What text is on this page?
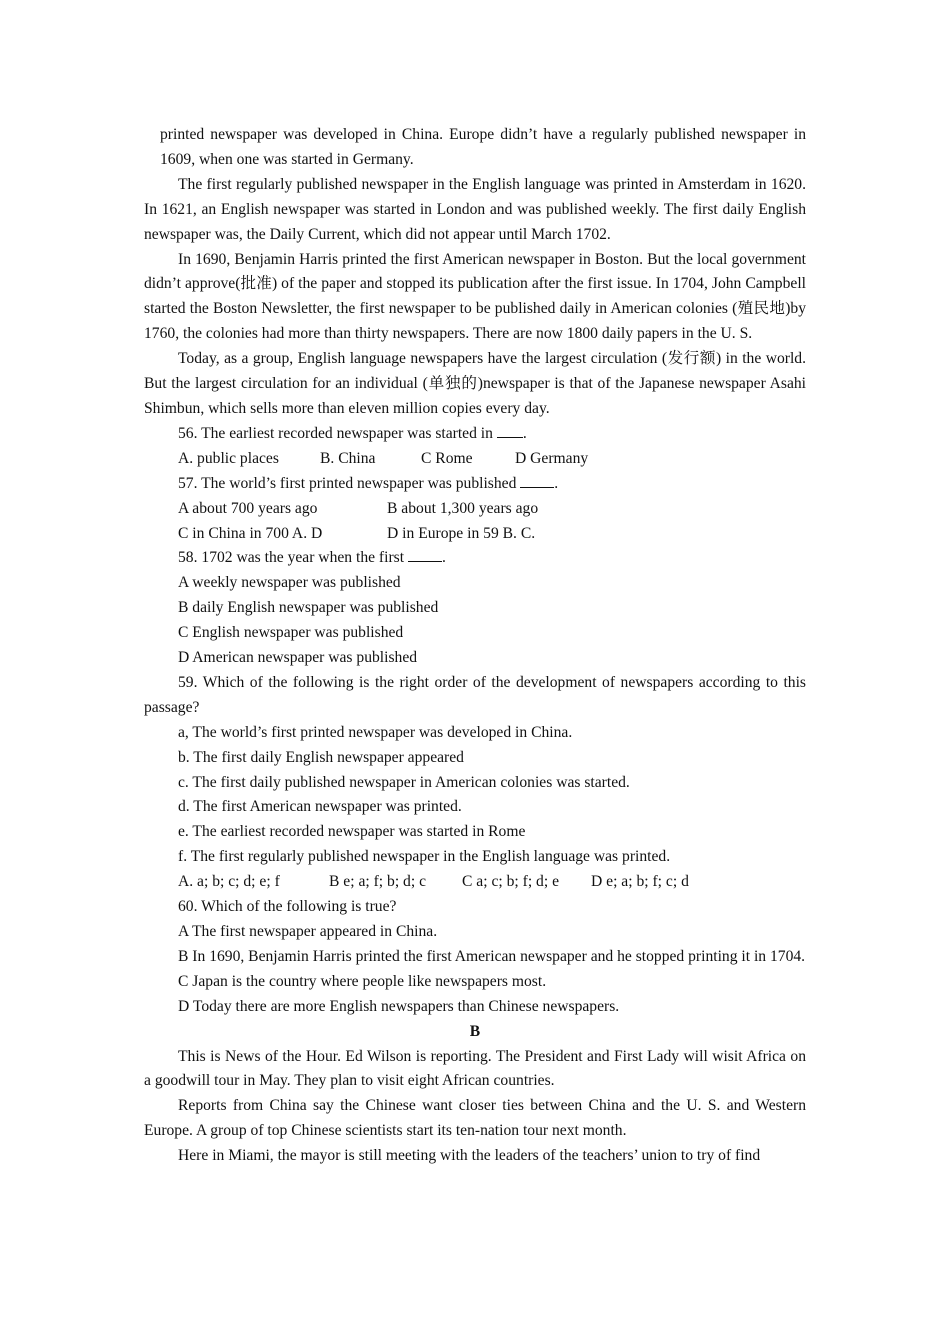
printed newspaper was developed in China. Europe didn’t have a regularly published newspaper in 1609, when one was started in Germany.

The first regularly published newspaper in the English language was printed in Amsterdam in 1620. In 1621, an English newspaper was started in London and was published weekly. The first daily English newspaper was, the Daily Current, which did not appear until March 1702.

In 1690, Benjamin Harris printed the first American newspaper in Boston. But the local government didn’t approve(批准) of the paper and stopped its publication after the first issue. In 1704, John Campbell started the Boston Newsletter, the first newspaper to be published daily in American colonies (殖民地)by 1760, the colonies had more than thirty newspapers. There are now 1800 daily papers in the U. S.

Today, as a group, English language newspapers have the largest circulation (发行额) in the world. But the largest circulation for an individual (单独的)newspaper is that of the Japanese newspaper Asahi Shimbun, which sells more than eleven million copies every day.

56. The earliest recorded newspaper was started in .

A. public places	B. China	C Rome	D Germany

57. The world’s first printed newspaper was published .

A about 700 years ago	B about 1,300 years ago

C in China in 700 A. D	D in Europe in 59 B. C.

58. 1702 was the year when the first .

A weekly newspaper was published

B daily English newspaper was published

C English newspaper was published

D American newspaper was published

59. Which of the following is the right order of the development of newspapers according to this passage?

a, The world’s first printed newspaper was developed in China.

b. The first daily English newspaper appeared

c. The first daily published newspaper in American colonies was started.

d. The first American newspaper was printed.

e. The earliest recorded newspaper was started in Rome

f. The first regularly published newspaper in the English language was printed.

A. a; b; c; d; e; f	B e; a; f; b; d; c C a; c; b; f; d; e D e; a; b; f; c; d

60. Which of the following is true?

A The first newspaper appeared in China.

B In 1690, Benjamin Harris printed the first American newspaper and he stopped printing it in 1704.

C Japan is the country where people like newspapers most.

D Today there are more English newspapers than Chinese newspapers.

B

This is News of the Hour. Ed Wilson is reporting. The President and First Lady will wisit Africa on a goodwill tour in May. They plan to visit eight African countries.

Reports from China say the Chinese want closer ties between China and the U. S. and Western Europe. A group of top Chinese scientists start its ten-nation tour next month.

Here in Miami, the mayor is still meeting with the leaders of the teachers’ union to try of find
